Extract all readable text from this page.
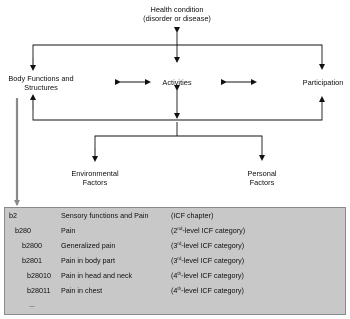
Health condition
(disorder or disease)
Body Functions and
Structures
Activities	Participation
Environmental
Factors
Personal
Factors
b2	Sensory functions and Pain	(ICF chapter)
b280	Pain	(2nd-level ICF category)
b2800	Generalized pain	(3rd-level ICF category)
b2801	Pain in body part	(3rd-level ICF category)
b28010 Pain in head and neck	(4th-level ICF category)
b28011 Pain in chest	(4th-level ICF category)
...
